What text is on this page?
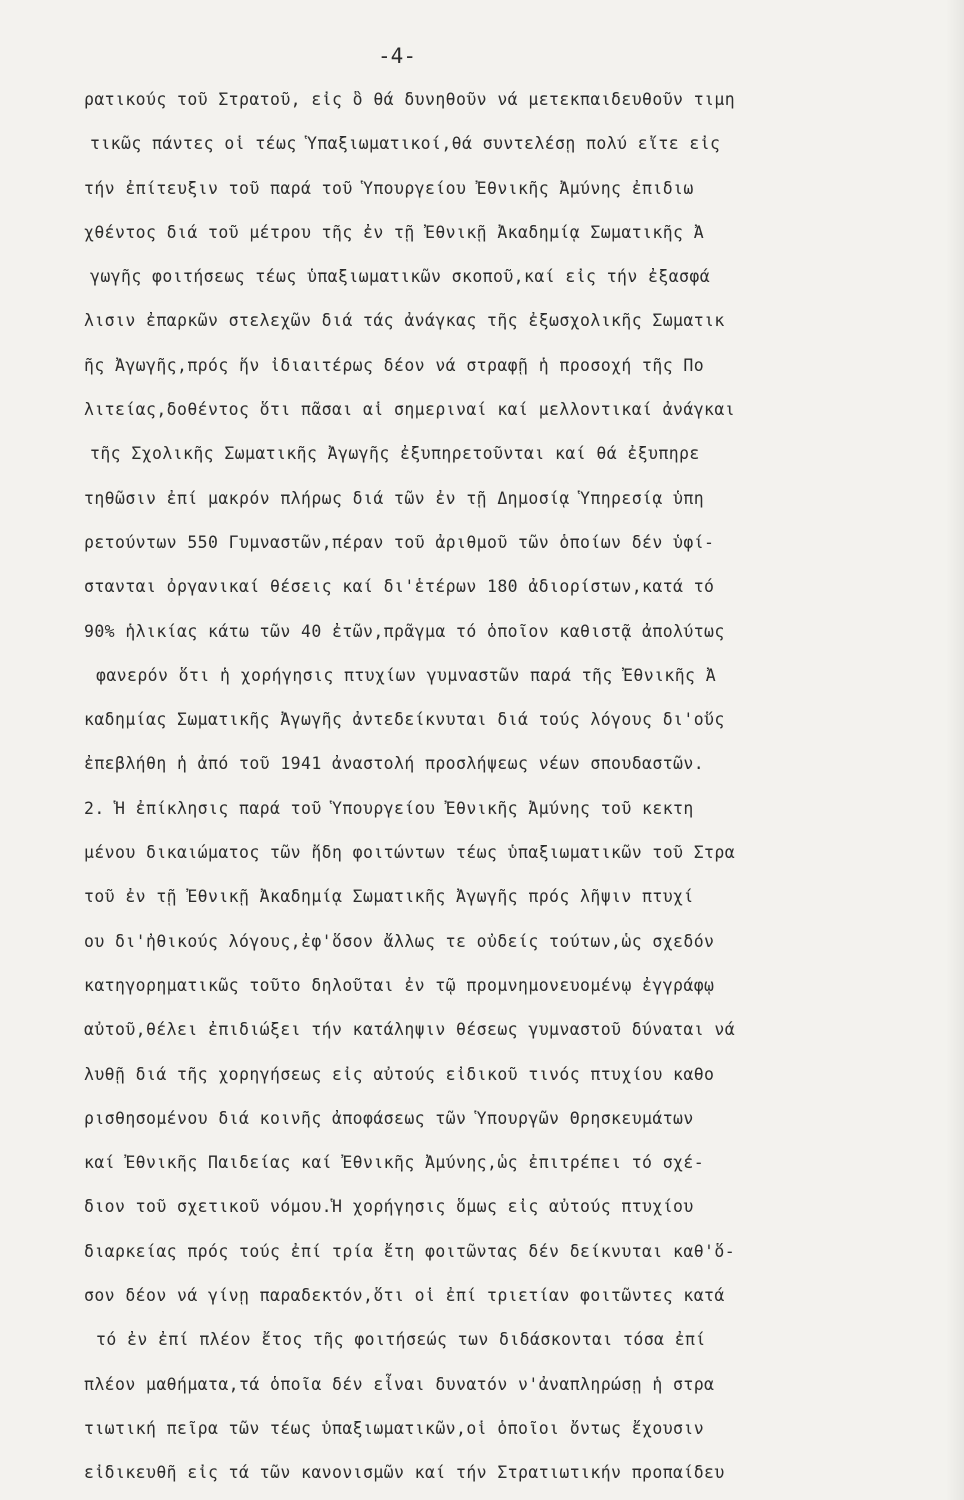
-4-
ρατικούς τοῦ Στρατοῦ, εἰς ὃ θά δυνηθοῦν νά μετεκπαιδευθοῦν τιμη
τικῶς πάντες οἱ τέως Ὑπαξιωματικοί,θά συντελέσῃ πολύ εἴτε εἰς
τήν ἐπίτευξιν τοῦ παρά τοῦ Ὑπουργείου Ἐθνικῆς Ἀμύνης ἐπιδιω
χθέντος διά τοῦ μέτρου τῆς ἐν τῇ Ἐθνικῇ Ἀκαδημίᾳ Σωματικῆς Ἀ
γωγῆς φοιτήσεως τέως ὑπαξιωματικῶν σκοποῦ,καί εἰς τήν ἐξασφά
λισιν ἐπαρκῶν στελεχῶν διά τάς ἀνάγκας τῆς ἐξωσχολικῆς Σωματικ
ῆς Ἀγωγῆς,πρός ἥν ἰδιαιτέρως δέον νά στραφῇ ἡ προσοχή τῆς Πο
λιτείας,δοθέντος ὅτι πᾶσαι αἱ σημεριναί καί μελλοντικαί ἀνάγκαι
τῆς Σχολικῆς Σωματικῆς Ἀγωγῆς ἐξυπηρετοῦνται καί θά ἐξυπηρε
τηθῶσιν ἐπί μακρόν πλήρως διά τῶν ἐν τῇ Δημοσίᾳ Ὑπηρεσίᾳ ὑπη
ρετούντων 550 Γυμναστῶν,πέραν τοῦ ἀριθμοῦ τῶν ὁποίων δέν ὑφί-
στανται ὀργανικαί θέσεις καί δι'ἑτέρων 180 ἀδιορίστων,κατά τό
90% ἡλικίας κάτω τῶν 40 ἐτῶν,πρᾶγμα τό ὁποῖον καθιστᾷ ἀπολύτως
φανερόν ὅτι ἡ χορήγησις πτυχίων γυμναστῶν παρά τῆς Ἐθνικῆς Ἀ
καδημίας Σωματικῆς Ἀγωγῆς ἀντεδείκνυται διά τούς λόγους δι'οὕς
ἐπεβλήθη ἡ ἀπό τοῦ 1941 ἀναστολή προσλήψεως νέων σπουδαστῶν.
2. Ἡ ἐπίκλησις παρά τοῦ Ὑπουργείου Ἐθνικῆς Ἀμύνης τοῦ κεκτη
μένου δικαιώματος τῶν ἤδη φοιτώντων τέως ὑπαξιωματικῶν τοῦ Στρα
τοῦ ἐν τῇ Ἐθνικῇ Ἀκαδημίᾳ Σωματικῆς Ἀγωγῆς πρός λῆψιν πτυχί
ου δι'ἠθικούς λόγους,ἐφ'ὅσον ἄλλως τε οὐδείς τούτων,ὡς σχεδόν
κατηγορηματικῶς τοῦτο δηλοῦται ἐν τῷ προμνημονευομένῳ ἐγγράφῳ
αὐτοῦ,θέλει ἐπιδιώξει τήν κατάληψιν θέσεως γυμναστοῦ δύναται νά
λυθῇ διά τῆς χορηγήσεως εἰς αὐτούς εἰδικοῦ τινός πτυχίου καθο
ρισθησομένου διά κοινῆς ἀποφάσεως τῶν Ὑπουργῶν Θρησκευμάτων
καί Ἐθνικῆς Παιδείας καί Ἐθνικῆς Ἀμύνης,ὡς ἐπιτρέπει τό σχέ-
διον τοῦ σχετικοῦ νόμου.Ἡ χορήγησις ὅμως εἰς αὐτούς πτυχίου
διαρκείας πρός τούς ἐπί τρία ἔτη φοιτῶντας δέν δείκνυται καθ'ὅ-
σον δέον νά γίνῃ παραδεκτόν,ὅτι οἱ ἐπί τριετίαν φοιτῶντες κατά
τό ἐν ἐπί πλέον ἔτος τῆς φοιτήσεώς των διδάσκονται τόσα ἐπί
πλέον μαθήματα,τά ὁποῖα δέν εἶναι δυνατόν ν'ἀναπληρώσῃ ἡ στρα
τιωτική πεῖρα τῶν τέως ὑπαξιωματικῶν,οἱ ὁποῖοι ὄντως ἔχουσιν
εἰδικευθῆ εἰς τά τῶν κανονισμῶν καί τήν Στρατιωτικήν προπαίδευ
